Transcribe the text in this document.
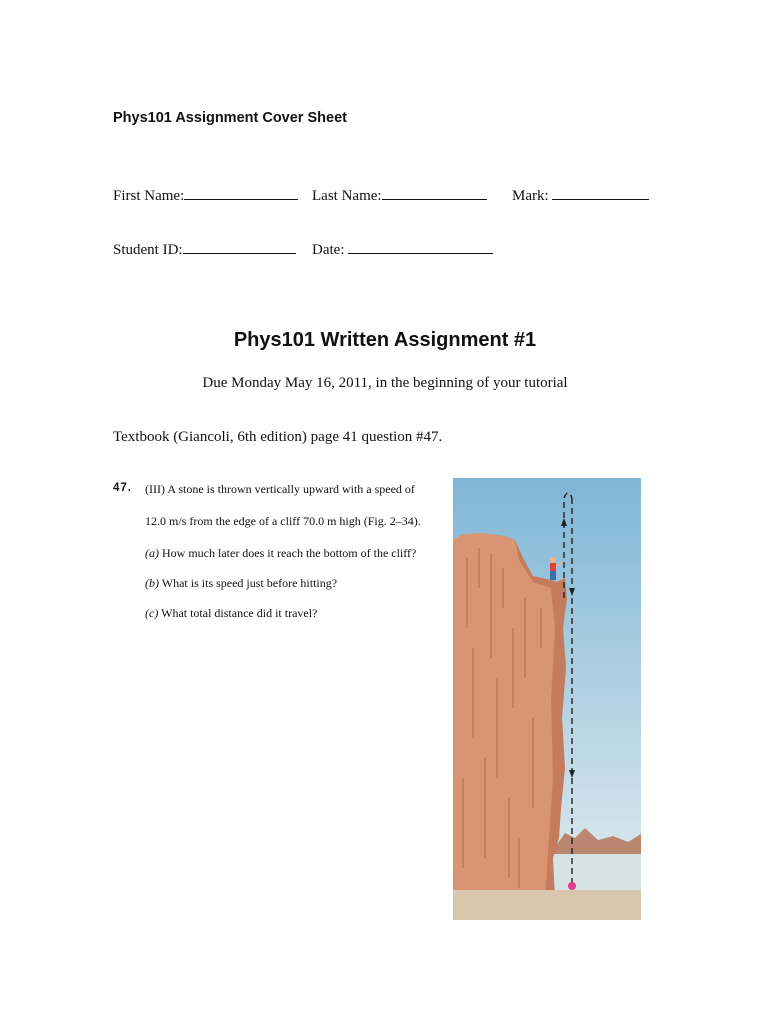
Phys101 Assignment Cover Sheet
First Name:	Last Name:	Mark:
Student ID:	Date:
Phys101 Written Assignment #1
Due Monday May 16, 2011, in the beginning of your tutorial
Textbook (Giancoli, 6th edition) page 41 question #47.
47. (III) A stone is thrown vertically upward with a speed of
12.0 m/s from the edge of a cliff 70.0 m high (Fig. 2–34).
(a) How much later does it reach the bottom of the cliff?
(b) What is its speed just before hitting?
(c) What total distance did it travel?
